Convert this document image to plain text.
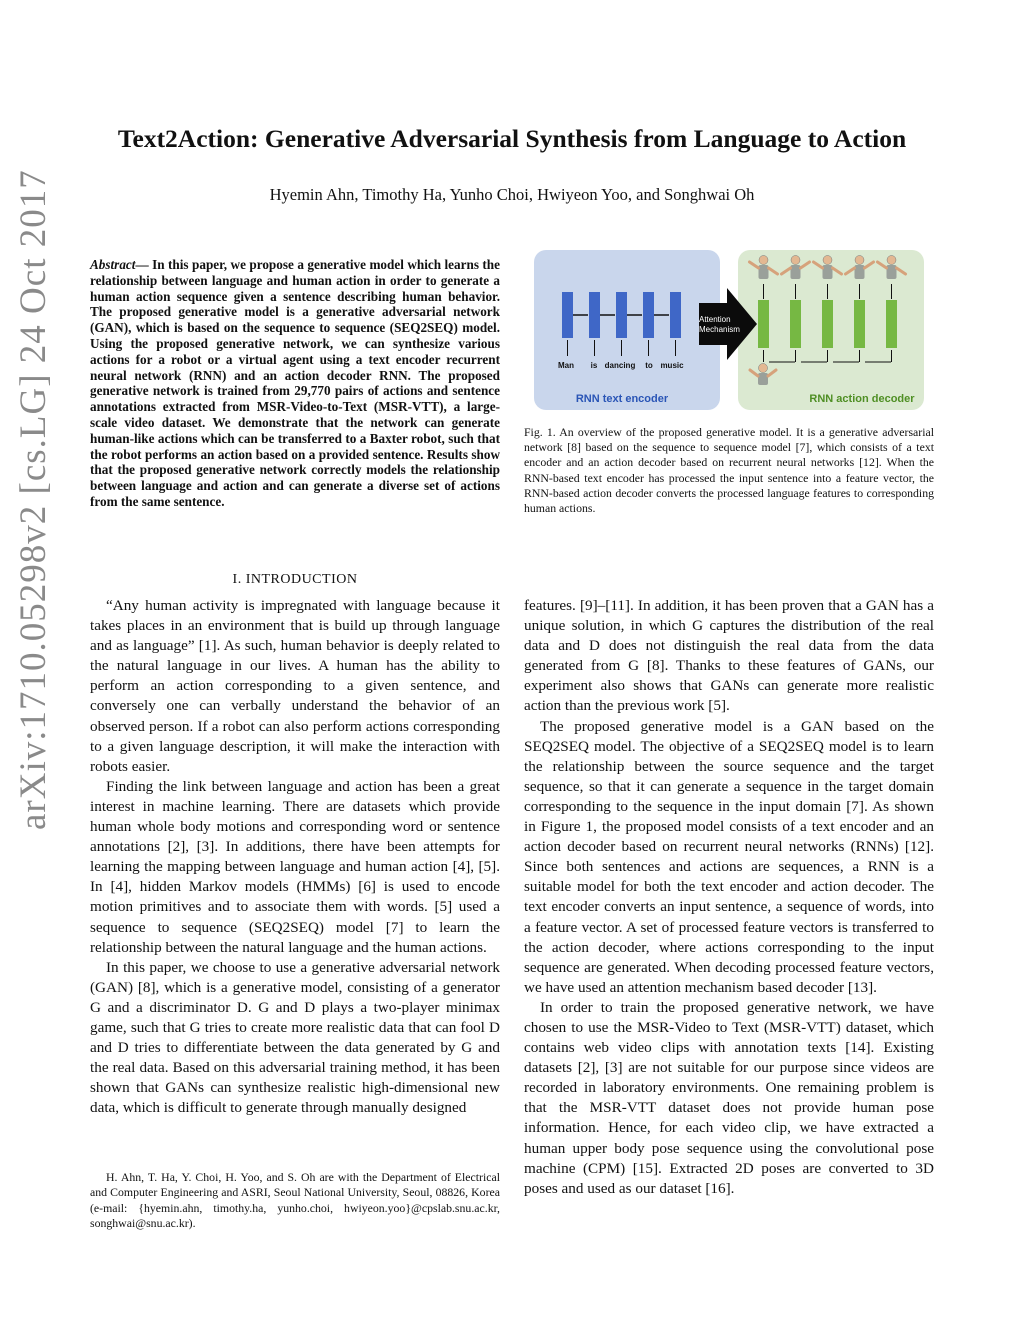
arXiv:1710.05298v2 [cs.LG] 24 Oct 2017
Text2Action: Generative Adversarial Synthesis from Language to Action
Hyemin Ahn, Timothy Ha, Yunho Choi, Hwiyeon Yoo, and Songhwai Oh
Abstract— In this paper, we propose a generative model which learns the relationship between language and human action in order to generate a human action sequence given a sentence describing human behavior. The proposed generative model is a generative adversarial network (GAN), which is based on the sequence to sequence (SEQ2SEQ) model. Using the proposed generative network, we can synthesize various actions for a robot or a virtual agent using a text encoder recurrent neural network (RNN) and an action decoder RNN. The proposed generative network is trained from 29,770 pairs of actions and sentence annotations extracted from MSR-Video-to-Text (MSR-VTT), a large-scale video dataset. We demonstrate that the network can generate human-like actions which can be transferred to a Baxter robot, such that the robot performs an action based on a provided sentence. Results show that the proposed generative network correctly models the relationship between language and action and can generate a diverse set of actions from the same sentence.
I. INTRODUCTION

“Any human activity is impregnated with language because it takes places in an environment that is build up through language and as language” [1]. As such, human behavior is deeply related to the natural language in our lives. A human has the ability to perform an action corresponding to a given sentence, and conversely one can verbally understand the behavior of an observed person. If a robot can also perform actions corresponding to a given language description, it will make the interaction with robots easier.

Finding the link between language and action has been a great interest in machine learning. There are datasets which provide human whole body motions and corresponding word or sentence annotations [2], [3]. In additions, there have been attempts for learning the mapping between language and human action [4], [5]. In [4], hidden Markov models (HMMs) [6] is used to encode motion primitives and to associate them with words. [5] used a sequence to sequence (SEQ2SEQ) model [7] to learn the relationship between the natural language and the human actions.

In this paper, we choose to use a generative adversarial network (GAN) [8], which is a generative model, consisting of a generator G and a discriminator D. G and D plays a two-player minimax game, such that G tries to create more realistic data that can fool D and D tries to differentiate between the data generated by G and the real data. Based on this adversarial training method, it has been shown that GANs can synthesize realistic high-dimensional new data, which is difficult to generate through manually designed

H. Ahn, T. Ha, Y. Choi, H. Yoo, and S. Oh are with the Department of Electrical and Computer Engineering and ASRI, Seoul National University, Seoul, 08826, Korea (e-mail: {hyemin.ahn, timothy.ha, yunho.choi, hwiyeon.yoo}@cpslab.snu.ac.kr, songhwai@snu.ac.kr).

Man is dancing to music
Attention
Mechanism
RNN text encoder	RNN action decoder
Fig. 1. An overview of the proposed generative model. It is a generative adversarial network [8] based on the sequence to sequence model [7], which consists of a text encoder and an action decoder based on recurrent neural networks [12]. When the RNN-based text encoder has processed the input sentence into a feature vector, the RNN-based action decoder converts the processed language features to corresponding human actions.

features. [9]–[11]. In addition, it has been proven that a GAN has a unique solution, in which G captures the distribution of the real data and D does not distinguish the real data from the data generated from G [8]. Thanks to these features of GANs, our experiment also shows that GANs can generate more realistic action than the previous work [5].

The proposed generative model is a GAN based on the SEQ2SEQ model. The objective of a SEQ2SEQ model is to learn the relationship between the source sequence and the target sequence, so that it can generate a sequence in the target domain corresponding to the sequence in the input domain [7]. As shown in Figure 1, the proposed model consists of a text encoder and an action decoder based on recurrent neural networks (RNNs) [12]. Since both sentences and actions are sequences, a RNN is a suitable model for both the text encoder and action decoder. The text encoder converts an input sentence, a sequence of words, into a feature vector. A set of processed feature vectors is transferred to the action decoder, where actions corresponding to the input sequence are generated. When decoding processed feature vectors, we have used an attention mechanism based decoder [13].

In order to train the proposed generative network, we have chosen to use the MSR-Video to Text (MSR-VTT) dataset, which contains web video clips with annotation texts [14]. Existing datasets [2], [3] are not suitable for our purpose since videos are recorded in laboratory environments. One remaining problem is that the MSR-VTT dataset does not provide human pose information. Hence, for each video clip, we have extracted a human upper body pose sequence using the convolutional pose machine (CPM) [15]. Extracted 2D poses are converted to 3D poses and used as our dataset [16].
